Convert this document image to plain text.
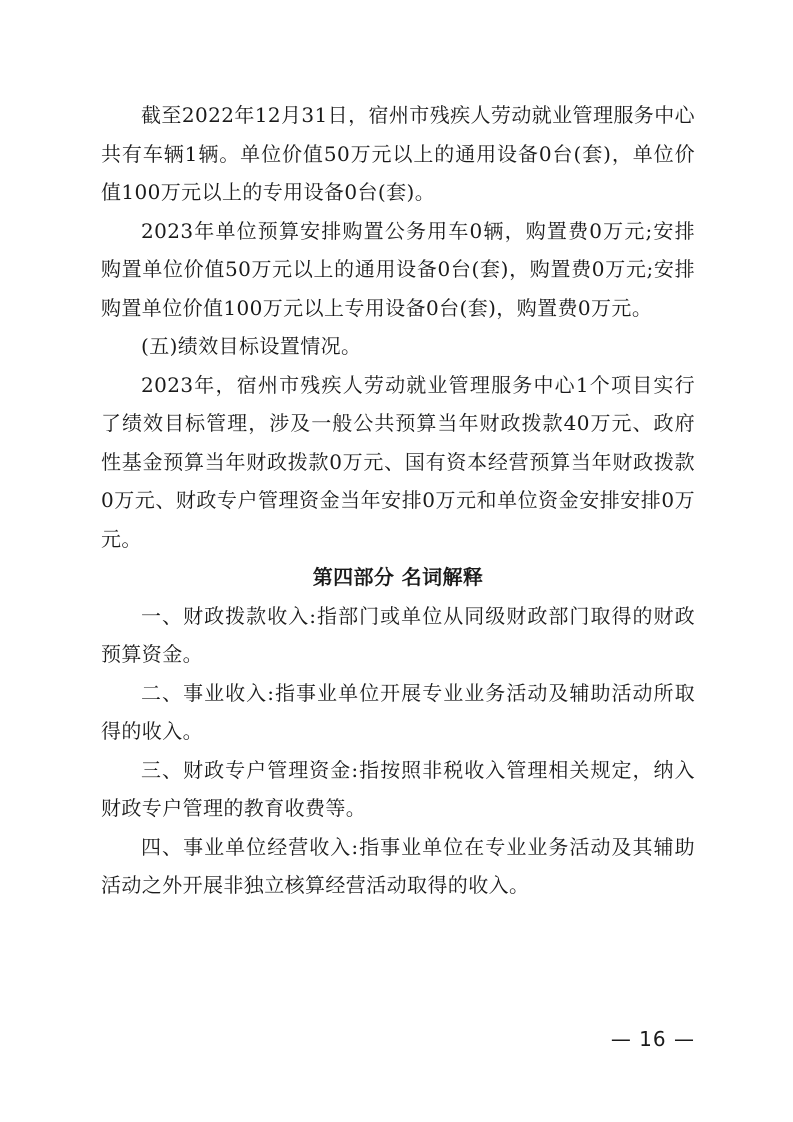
截至2022年12月31日，宿州市残疾人劳动就业管理服务中心共有车辆1辆。单位价值50万元以上的通用设备0台(套)，单位价值100万元以上的专用设备0台(套)。

2023年单位预算安排购置公务用车0辆，购置费0万元;安排购置单位价值50万元以上的通用设备0台(套)，购置费0万元;安排购置单位价值100万元以上专用设备0台(套)，购置费0万元。

(五)绩效目标设置情况。

2023年，宿州市残疾人劳动就业管理服务中心1个项目实行了绩效目标管理，涉及一般公共预算当年财政拨款40万元、政府性基金预算当年财政拨款0万元、国有资本经营预算当年财政拨款0万元、财政专户管理资金当年安排0万元和单位资金安排安排0万元。

第四部分 名词解释

一、财政拨款收入:指部门或单位从同级财政部门取得的财政预算资金。

二、事业收入:指事业单位开展专业业务活动及辅助活动所取得的收入。

三、财政专户管理资金:指按照非税收入管理相关规定，纳入财政专户管理的教育收费等。

四、事业单位经营收入:指事业单位在专业业务活动及其辅助活动之外开展非独立核算经营活动取得的收入。

— 16 —
